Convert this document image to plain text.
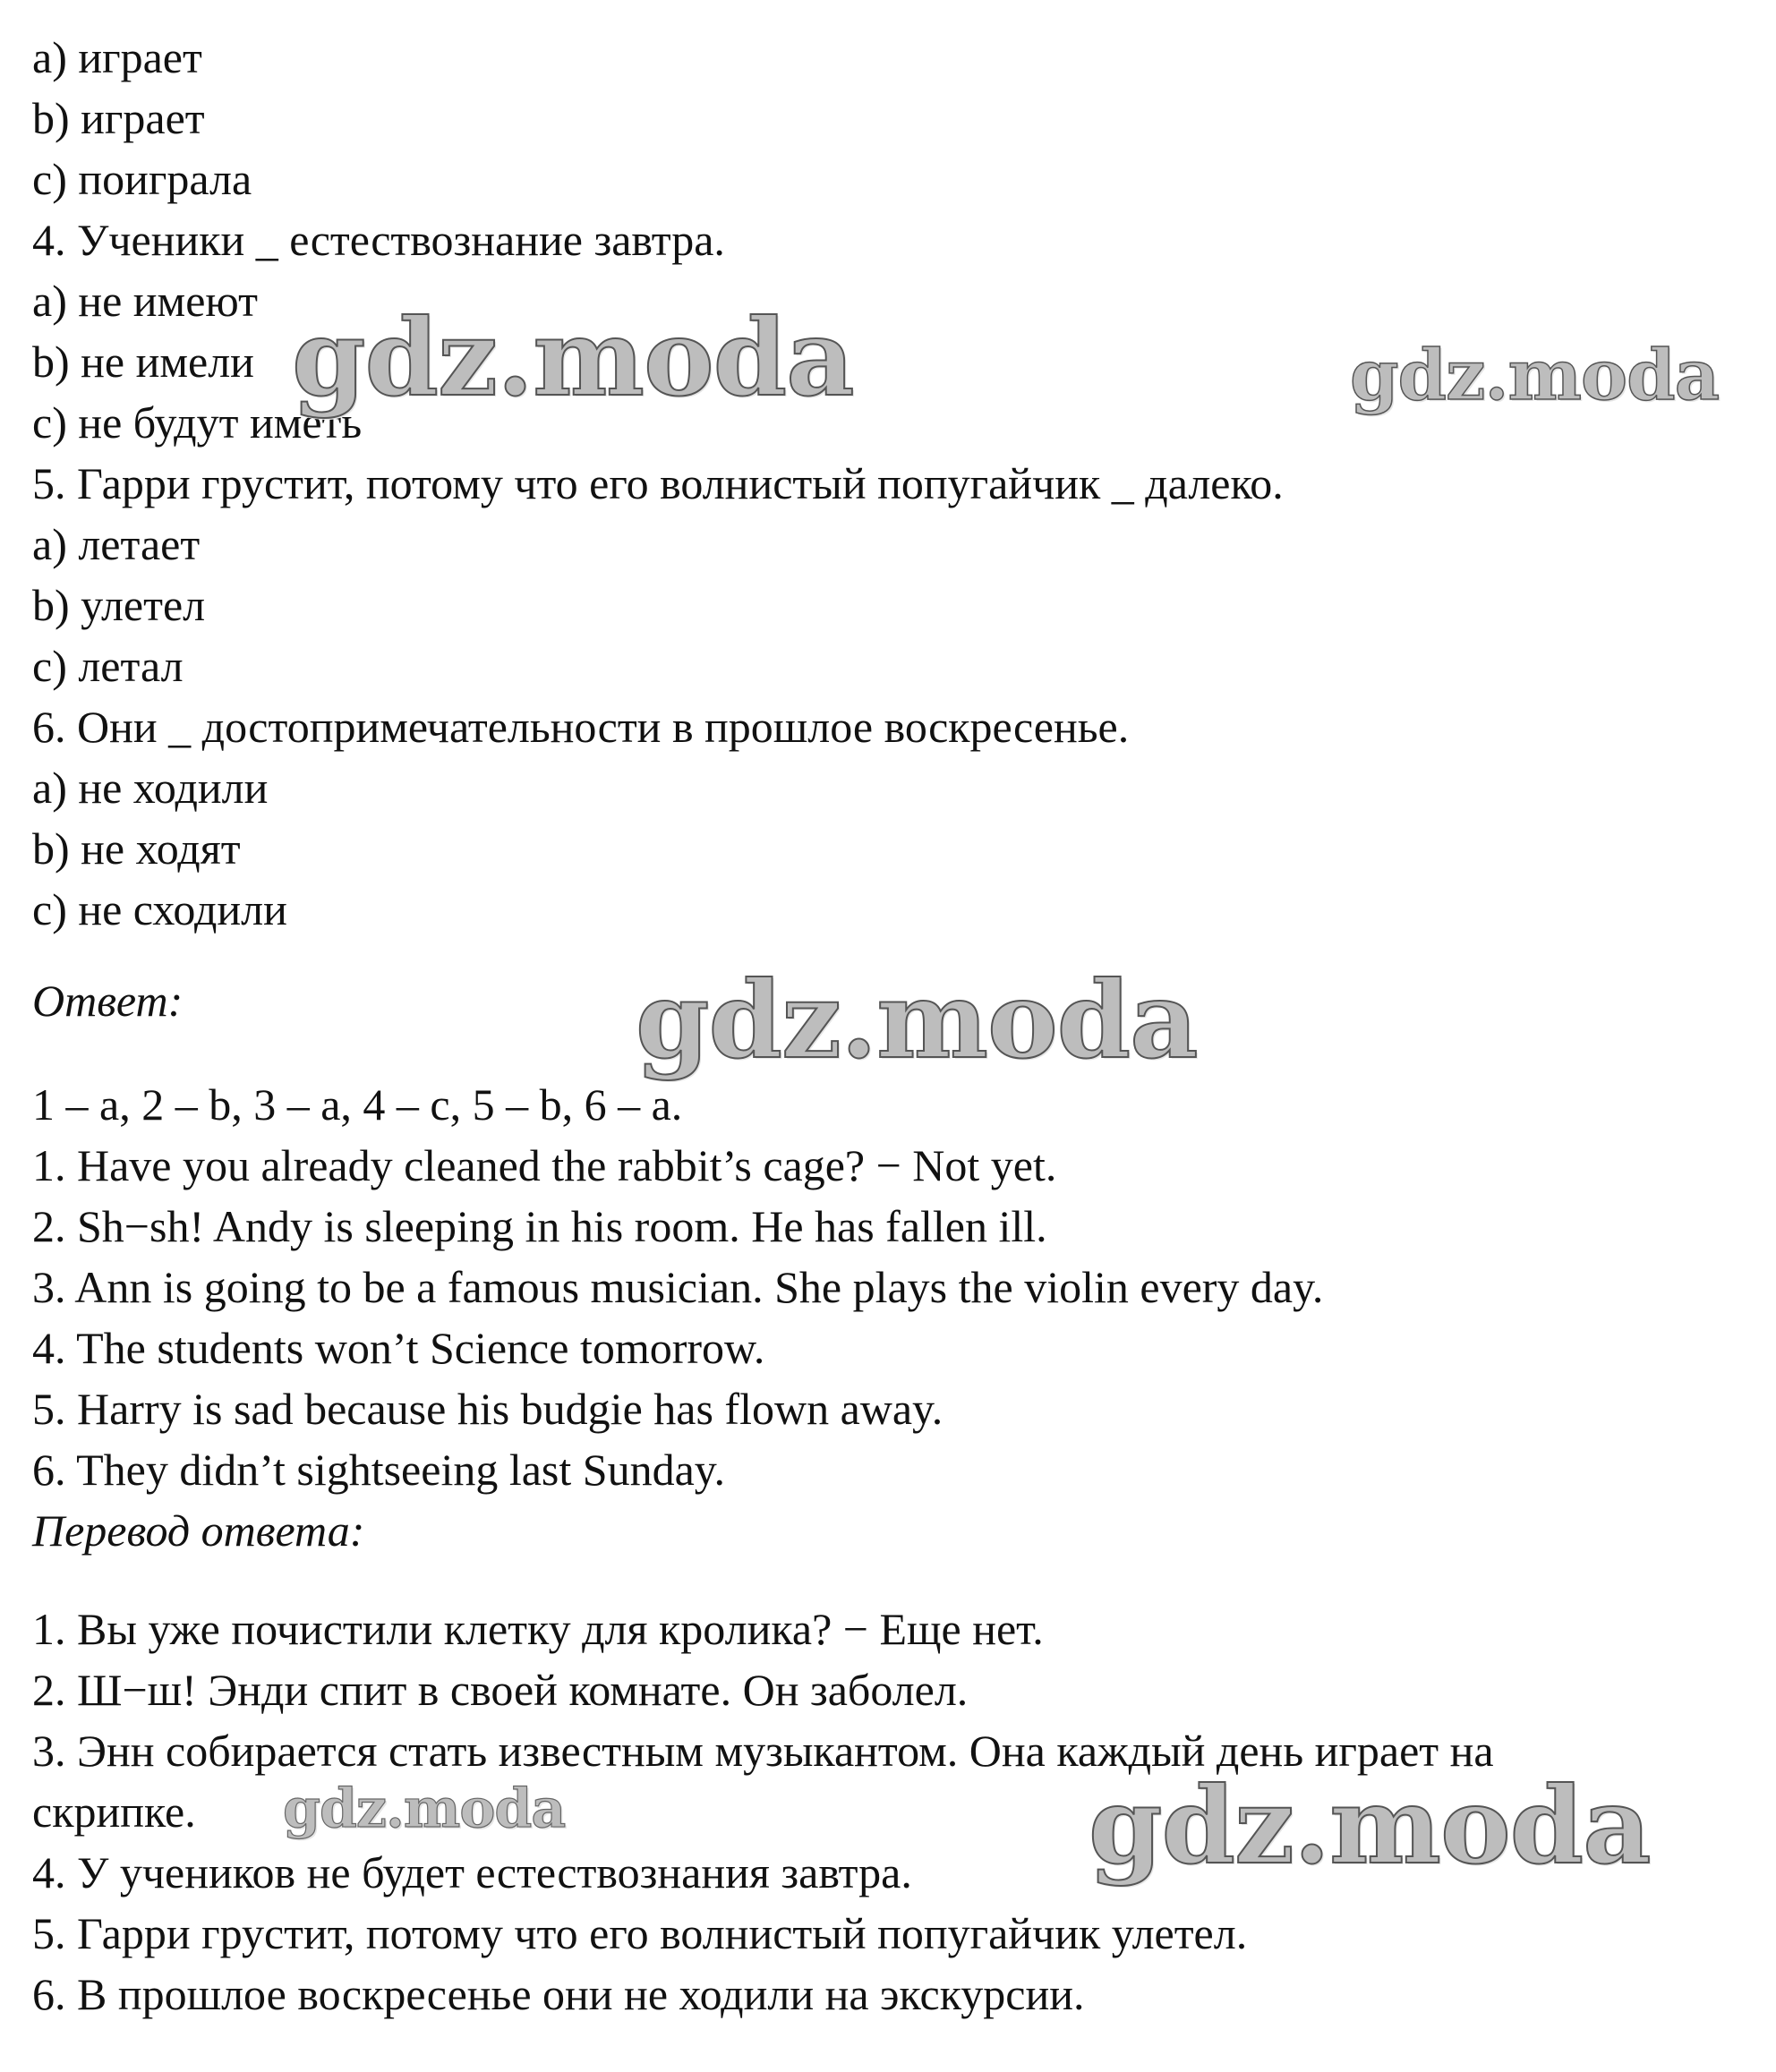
a) играет
b) играет
c) поиграла
4. Ученики _ естествознание завтра.
a) не имеют
b) не имели
c) не будут иметь
5. Гарри грустит, потому что его волнистый попугайчик _ далеко.
a) летает
b) улетел
c) летал
6. Они _ достопримечательности в прошлое воскресенье.
a) не ходили
b) не ходят
c) не сходили
Ответ:
1 – a, 2 – b, 3 – a, 4 – c, 5 – b, 6 – a.
1. Have you already cleaned the rabbit’s cage? − Not yet.
2. Sh−sh! Andy is sleeping in his room. He has fallen ill.
3. Ann is going to be a famous musician. She plays the violin every day.
4. The students won’t Science tomorrow.
5. Harry is sad because his budgie has flown away.
6. They didn’t sightseeing last Sunday.
Перевод ответа:
1. Вы уже почистили клетку для кролика? − Еще нет.
2. Ш−ш! Энди спит в своей комнате. Он заболел.
3. Энн собирается стать известным музыкантом. Она каждый день играет на
скрипке.
4. У учеников не будет естествознания завтра.
5. Гарри грустит, потому что его волнистый попугайчик улетел.
6. В прошлое воскресенье они не ходили на экскурсии.
gdz.moda	gdz.moda
gdz.moda
gdz.moda	gdz.moda
